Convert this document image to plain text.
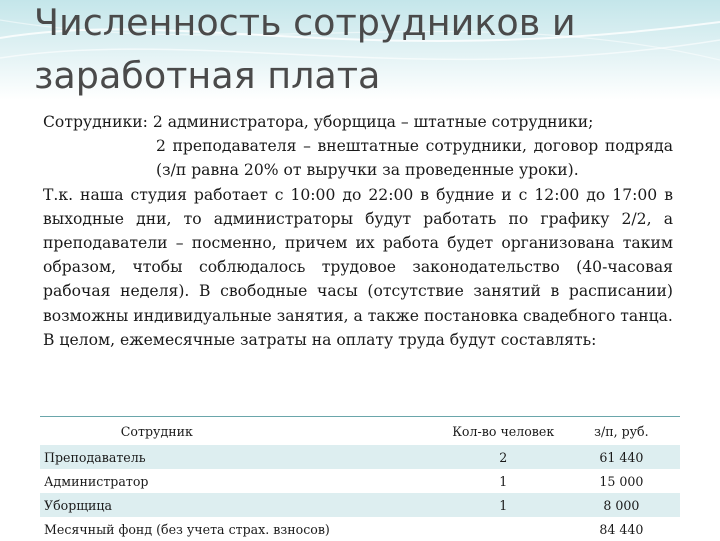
Численность сотрудников и заработная плата

Сотрудники: 2 администратора, уборщица – штатные сотрудники;

2 преподавателя – внештатные сотрудники, договор подряда (з/п равна 20% от выручки за проведенные уроки).

Т.к. наша студия работает с 10:00 до 22:00 в будние и с 12:00 до 17:00 в выходные дни, то администраторы будут работать по графику 2/2, а преподаватели – посменно, причем их работа будет организована таким образом, чтобы соблюдалось трудовое законодательство (40-часовая рабочая неделя). В свободные часы (отсутствие занятий в расписании) возможны индивидуальные занятия, а также постановка свадебного танца.

В целом, ежемесячные затраты на оплату труда будут составлять:

Сотрудник	Кол-во человек	з/п, руб.
Преподаватель	2	61 440
Администратор	1	15 000
Уборщица	1	8 000
Месячный фонд (без учета страх. взносов)		84 440
